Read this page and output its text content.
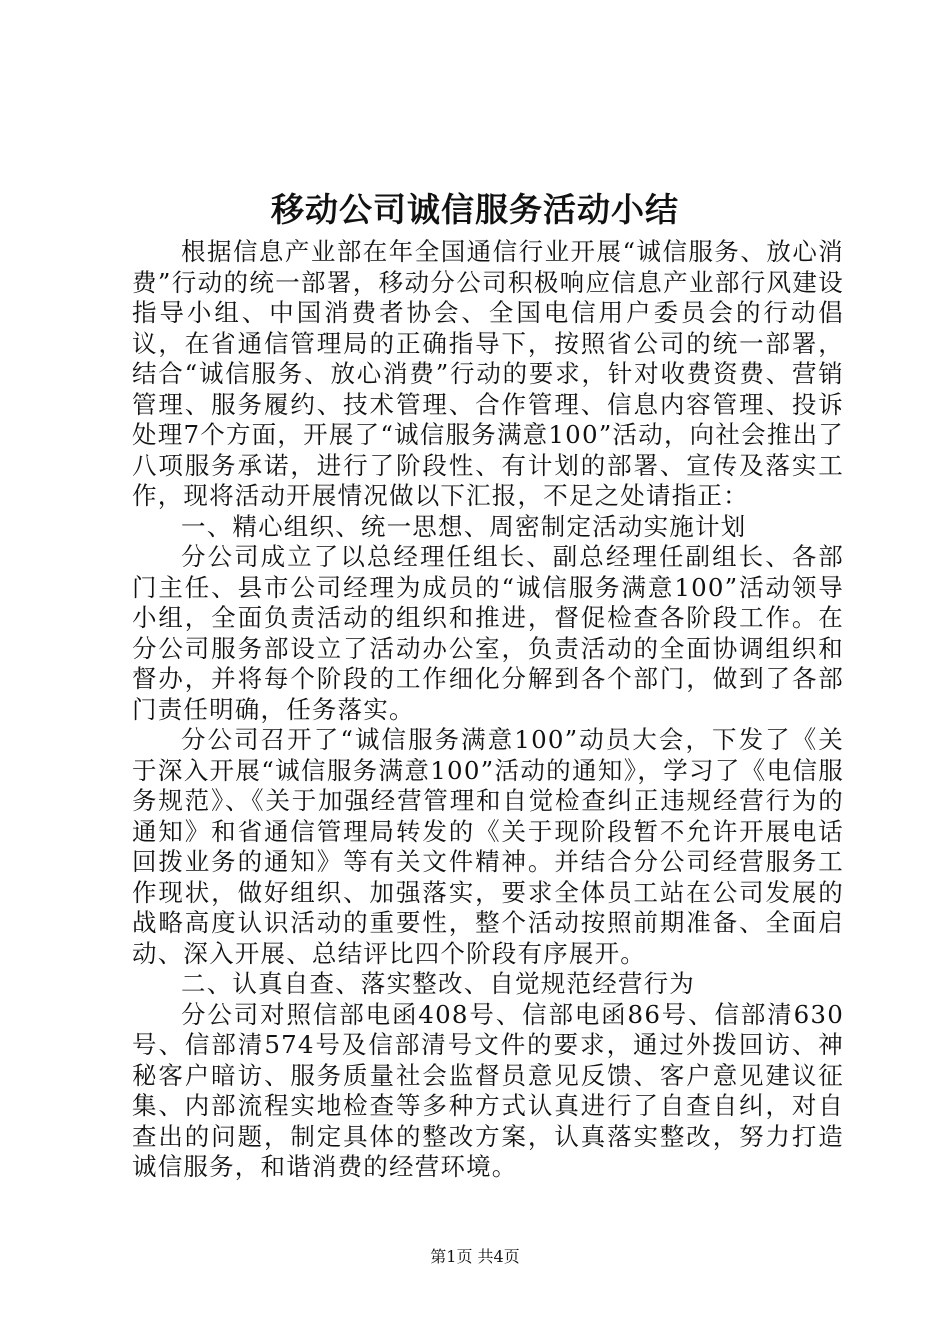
移动公司诚信服务活动小结

根据信息产业部在年全国通信行业开展“诚信服务、放心消费”行动的统一部署，移动分公司积极响应信息产业部行风建设指导小组、中国消费者协会、全国电信用户委员会的行动倡议，在省通信管理局的正确指导下，按照省公司的统一部署，结合“诚信服务、放心消费”行动的要求，针对收费资费、营销管理、服务履约、技术管理、合作管理、信息内容管理、投诉处理7个方面，开展了“诚信服务满意100”活动，向社会推出了八项服务承诺，进行了阶段性、有计划的部署、宣传及落实工作，现将活动开展情况做以下汇报，不足之处请指正：

一、精心组织、统一思想、周密制定活动实施计划

分公司成立了以总经理任组长、副总经理任副组长、各部门主任、县市公司经理为成员的“诚信服务满意100”活动领导小组，全面负责活动的组织和推进，督促检查各阶段工作。在分公司服务部设立了活动办公室，负责活动的全面协调组织和督办，并将每个阶段的工作细化分解到各个部门，做到了各部门责任明确，任务落实。

分公司召开了“诚信服务满意100”动员大会，下发了《关于深入开展“诚信服务满意100”活动的通知》，学习了《电信服务规范》、《关于加强经营管理和自觉检查纠正违规经营行为的通知》和省通信管理局转发的《关于现阶段暂不允许开展电话回拨业务的通知》等有关文件精神。并结合分公司经营服务工作现状，做好组织、加强落实，要求全体员工站在公司发展的战略高度认识活动的重要性，整个活动按照前期准备、全面启动、深入开展、总结评比四个阶段有序展开。

二、认真自查、落实整改、自觉规范经营行为

分公司对照信部电函408号、信部电函86号、信部清630号、信部清574号及信部清号文件的要求，通过外拨回访、神秘客户暗访、服务质量社会监督员意见反馈、客户意见建议征集、内部流程实地检查等多种方式认真进行了自查自纠，对自查出的问题，制定具体的整改方案，认真落实整改，努力打造诚信服务，和谐消费的经营环境。

第1页 共4页
